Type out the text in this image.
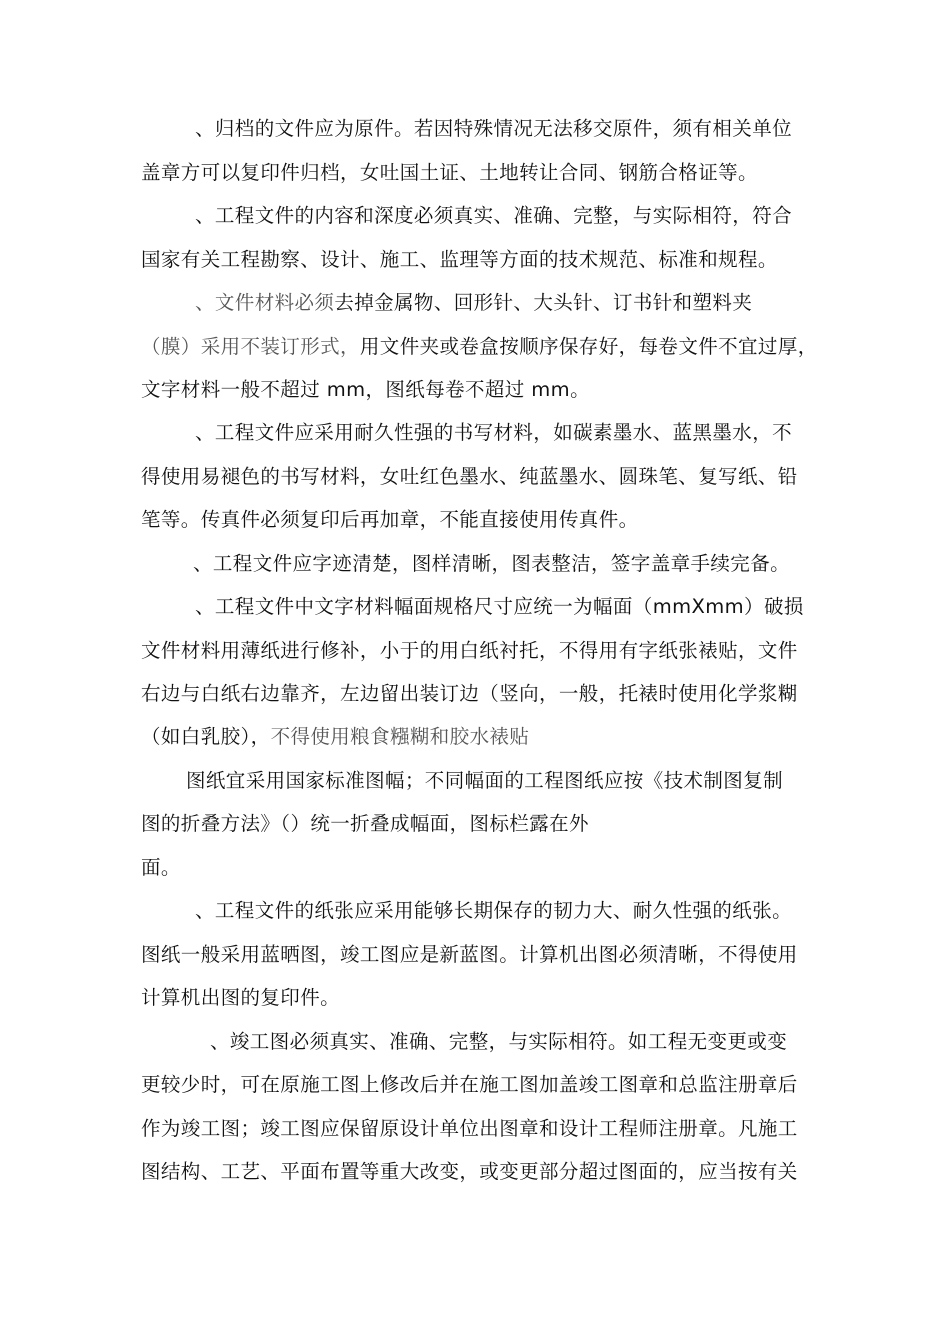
、归档的文件应为原件。若因特殊情况无法移交原件，须有相关单位
盖章方可以复印件归档，女吐国土证、土地转让合同、钢筋合格证等。
、工程文件的内容和深度必须真实、准确、完整，与实际相符，符合
国家有关工程勘察、设计、施工、监理等方面的技术规范、标准和规程。
、文件材料必须去掉金属物、回形针、大头针、订书针和塑料夹
（膜）采用不装订形式，用文件夹或卷盒按顺序保存好，每卷文件不宜过厚，
文字材料一般不超过 mm，图纸每卷不超过 mm。
、工程文件应采用耐久性强的书写材料，如碳素墨水、蓝黑墨水，不
得使用易褪色的书写材料，女吐红色墨水、纯蓝墨水、圆珠笔、复写纸、铅
笔等。传真件必须复印后再加章，不能直接使用传真件。
、工程文件应字迹清楚，图样清晰，图表整洁，签字盖章手续完备。
、工程文件中文字材料幅面规格尺寸应统一为幅面（mmXmm）破损
文件材料用薄纸进行修补，小于的用白纸衬托，不得用有字纸张裱贴，文件
右边与白纸右边靠齐，左边留出装订边（竖向，一般，托裱时使用化学浆糊
（如白乳胶），不得使用粮食糨糊和胶水裱贴
图纸宜采用国家标准图幅；不同幅面的工程图纸应按《技术制图复制
图的折叠方法》（）统一折叠成幅面，图标栏露在外
面。
、工程文件的纸张应采用能够长期保存的韧力大、耐久性强的纸张。
图纸一般采用蓝晒图，竣工图应是新蓝图。计算机出图必须清晰，不得使用
计算机出图的复印件。
、竣工图必须真实、准确、完整，与实际相符。如工程无变更或变
更较少时，可在原施工图上修改后并在施工图加盖竣工图章和总监注册章后
作为竣工图；竣工图应保留原设计单位出图章和设计工程师注册章。凡施工
图结构、工艺、平面布置等重大改变，或变更部分超过图面的，应当按有关
